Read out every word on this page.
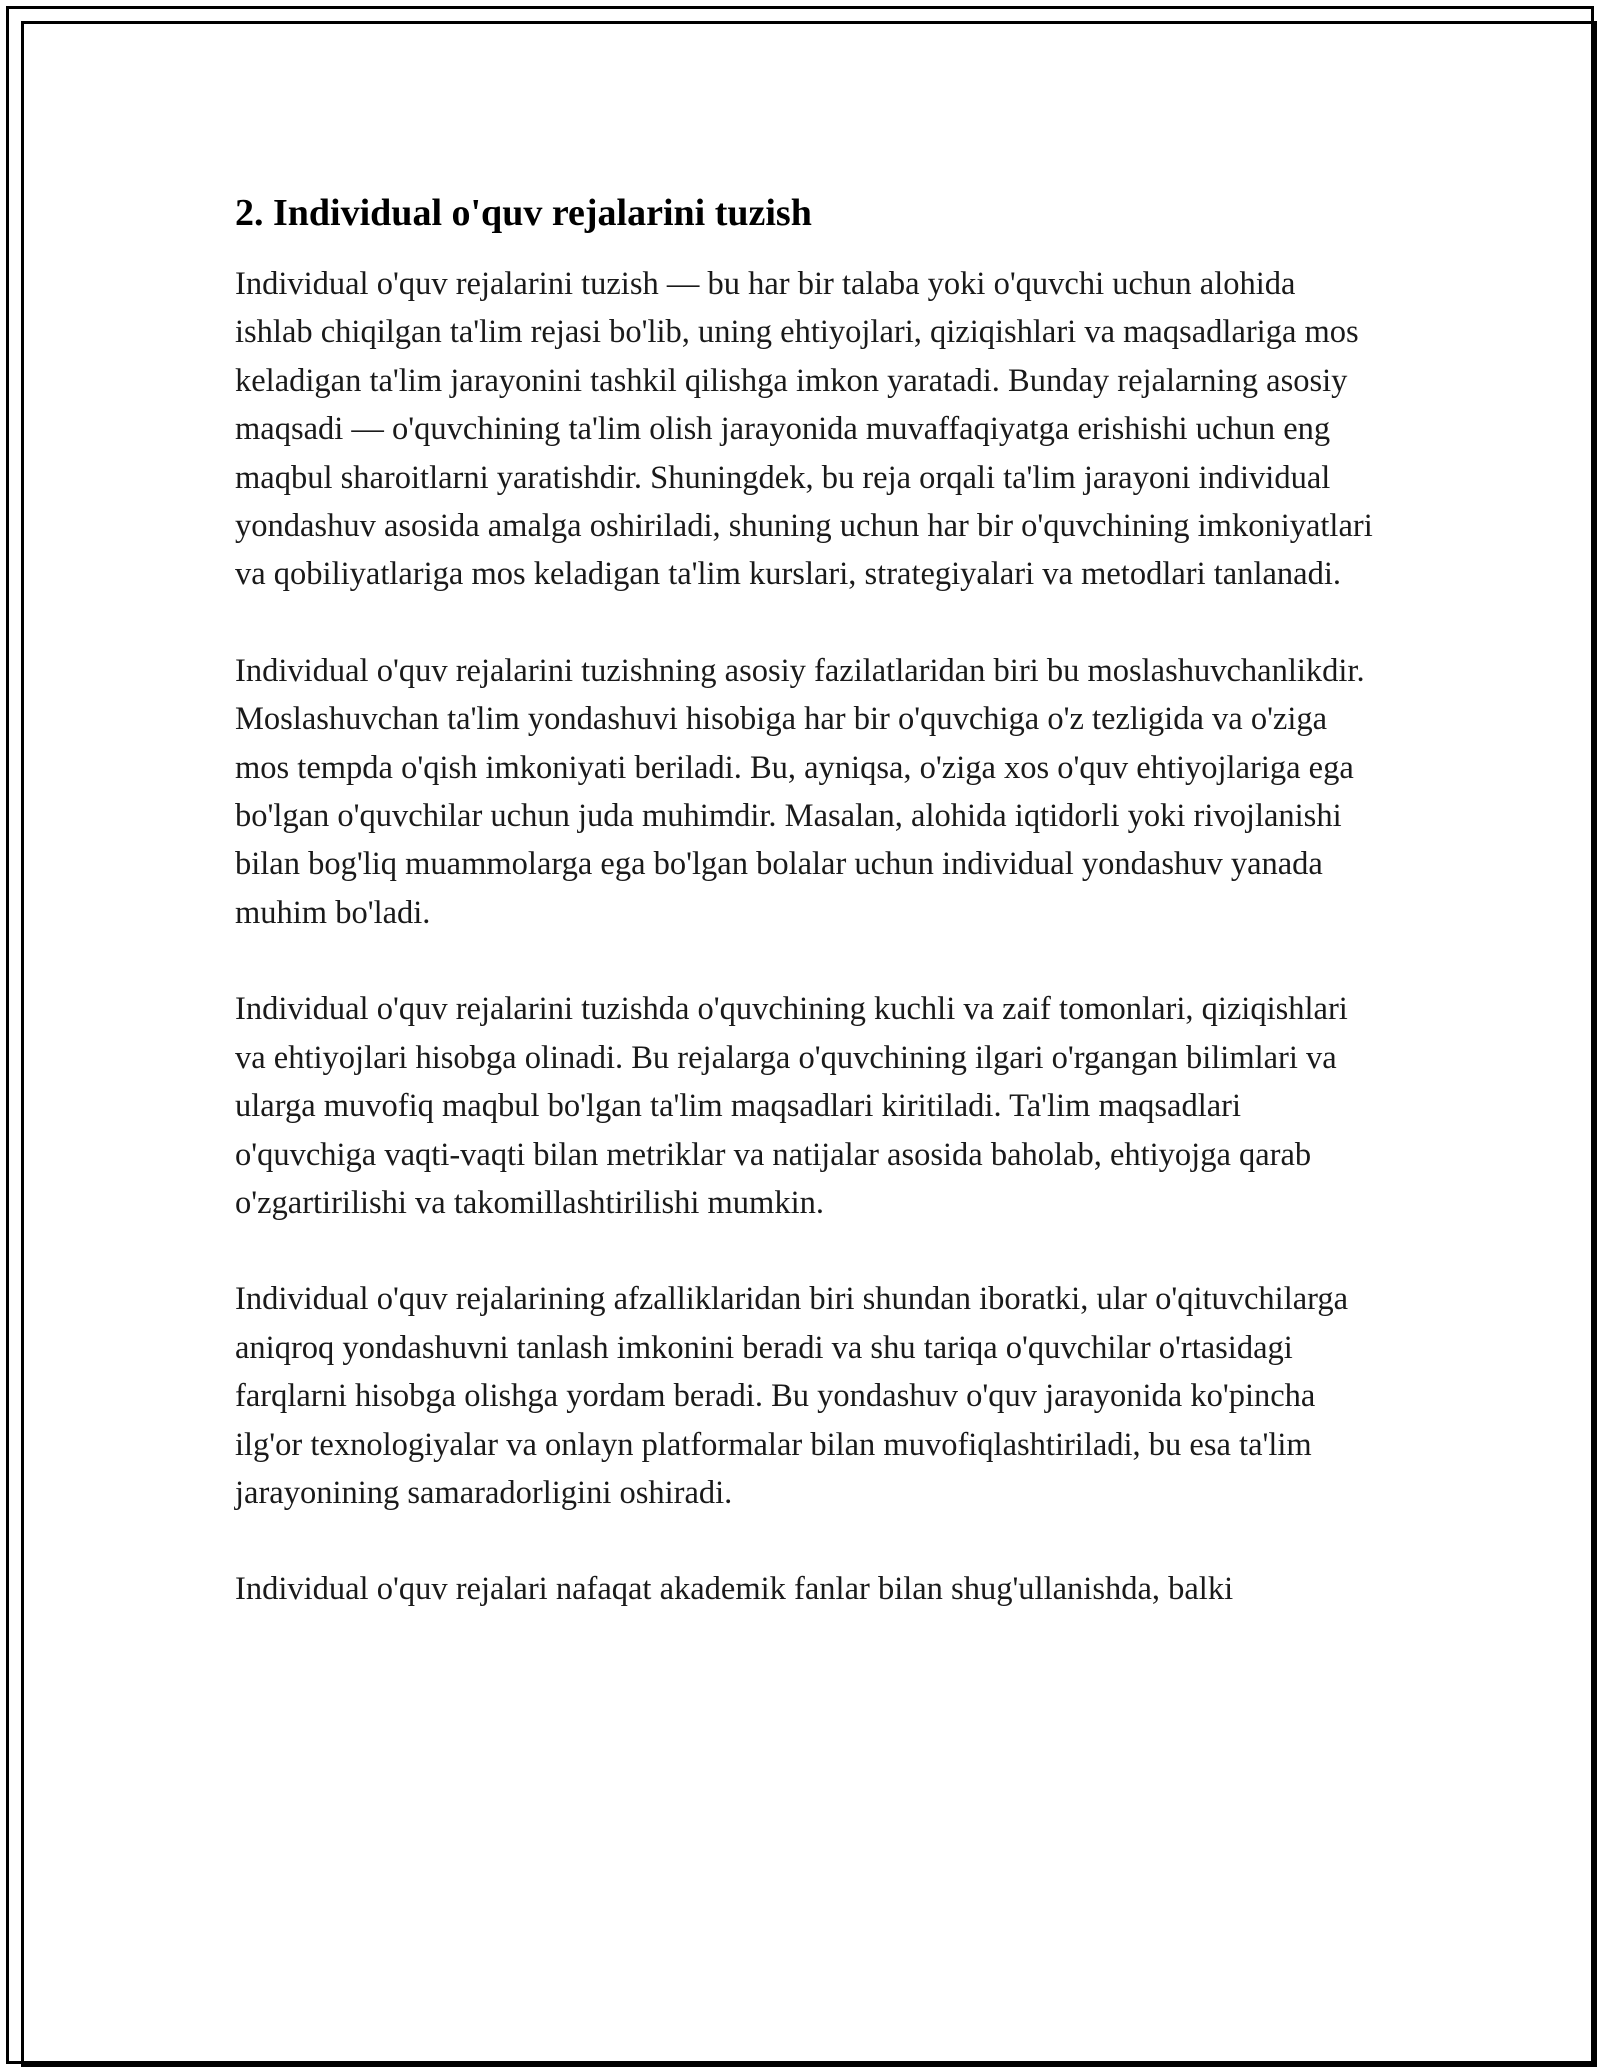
2. Individual o'quv rejalarini tuzish

Individual o'quv rejalarini tuzish — bu har bir talaba yoki o'quvchi uchun alohida ishlab chiqilgan ta'lim rejasi bo'lib, uning ehtiyojlari, qiziqishlari va maqsadlariga mos keladigan ta'lim jarayonini tashkil qilishga imkon yaratadi. Bunday rejalarning asosiy maqsadi — o'quvchining ta'lim olish jarayonida muvaffaqiyatga erishishi uchun eng maqbul sharoitlarni yaratishdir. Shuningdek, bu reja orqali ta'lim jarayoni individual yondashuv asosida amalga oshiriladi, shuning uchun har bir o'quvchining imkoniyatlari va qobiliyatlariga mos keladigan ta'lim kurslari, strategiyalari va metodlari tanlanadi.

Individual o'quv rejalarini tuzishning asosiy fazilatlaridan biri bu moslashuvchanlikdir. Moslashuvchan ta'lim yondashuvi hisobiga har bir o'quvchiga o'z tezligida va o'ziga mos tempda o'qish imkoniyati beriladi. Bu, ayniqsa, o'ziga xos o'quv ehtiyojlariga ega bo'lgan o'quvchilar uchun juda muhimdir. Masalan, alohida iqtidorli yoki rivojlanishi bilan bog'liq muammolarga ega bo'lgan bolalar uchun individual yondashuv yanada muhim bo'ladi.

Individual o'quv rejalarini tuzishda o'quvchining kuchli va zaif tomonlari, qiziqishlari va ehtiyojlari hisobga olinadi. Bu rejalarga o'quvchining ilgari o'rgangan bilimlari va ularga muvofiq maqbul bo'lgan ta'lim maqsadlari kiritiladi. Ta'lim maqsadlari o'quvchiga vaqti-vaqti bilan metriklar va natijalar asosida baholab, ehtiyojga qarab o'zgartirilishi va takomillashtirilishi mumkin.

Individual o'quv rejalarining afzalliklaridan biri shundan iboratki, ular o'qituvchilarga aniqroq yondashuvni tanlash imkonini beradi va shu tariqa o'quvchilar o'rtasidagi farqlarni hisobga olishga yordam beradi. Bu yondashuv o'quv jarayonida ko'pincha ilg'or texnologiyalar va onlayn platformalar bilan muvofiqlashtiriladi, bu esa ta'lim jarayonining samaradorligini oshiradi.

Individual o'quv rejalari nafaqat akademik fanlar bilan shug'ullanishda, balki
